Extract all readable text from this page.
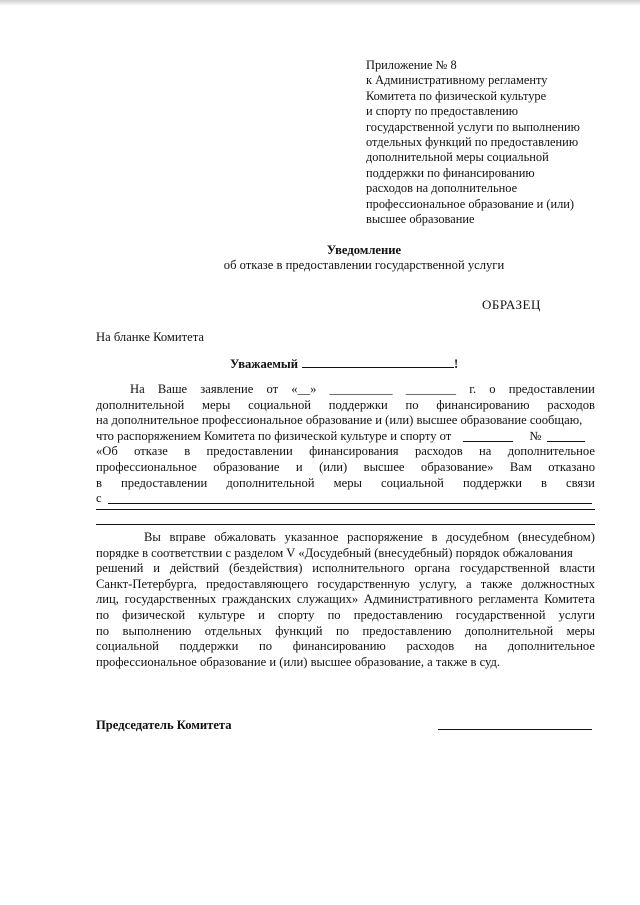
Приложение № 8
к Административному регламенту
Комитета по физической культуре
и спорту по предоставлению
государственной услуги по выполнению
отдельных функций по предоставлению
дополнительной меры социальной
поддержки по финансированию
расходов на дополнительное
профессиональное образование и (или)
высшее образование
Уведомление
об отказе в предоставлении государственной услуги
ОБРАЗЕЦ
На бланке Комитета
Уважаемый	!
На Ваше заявление от «__» __________ ________ г. о предоставлении
дополнительной меры социальной поддержки по финансированию расходов
на дополнительное профессиональное образование и (или) высшее образование сообщаю,
что распоряжением Комитета по физической культуре и спорту от	№
«Об отказе в предоставлении финансирования расходов на дополнительное
профессиональное образование и (или) высшее образование» Вам отказано
в предоставлении дополнительной меры социальной поддержки в связи
с
Вы вправе обжаловать указанное распоряжение в досудебном (внесудебном)
порядке в соответствии с разделом V «Досудебный (внесудебный) порядок обжалования
решений и действий (бездействия) исполнительного органа государственной власти
Санкт-Петербурга, предоставляющего государственную услугу, а также должностных
лиц, государственных гражданских служащих» Административного регламента Комитета
по физической культуре и спорту по предоставлению государственной услуги
по выполнению отдельных функций по предоставлению дополнительной меры
социальной поддержки по финансированию расходов на дополнительное
профессиональное образование и (или) высшее образование, а также в суд.
Председатель Комитета
